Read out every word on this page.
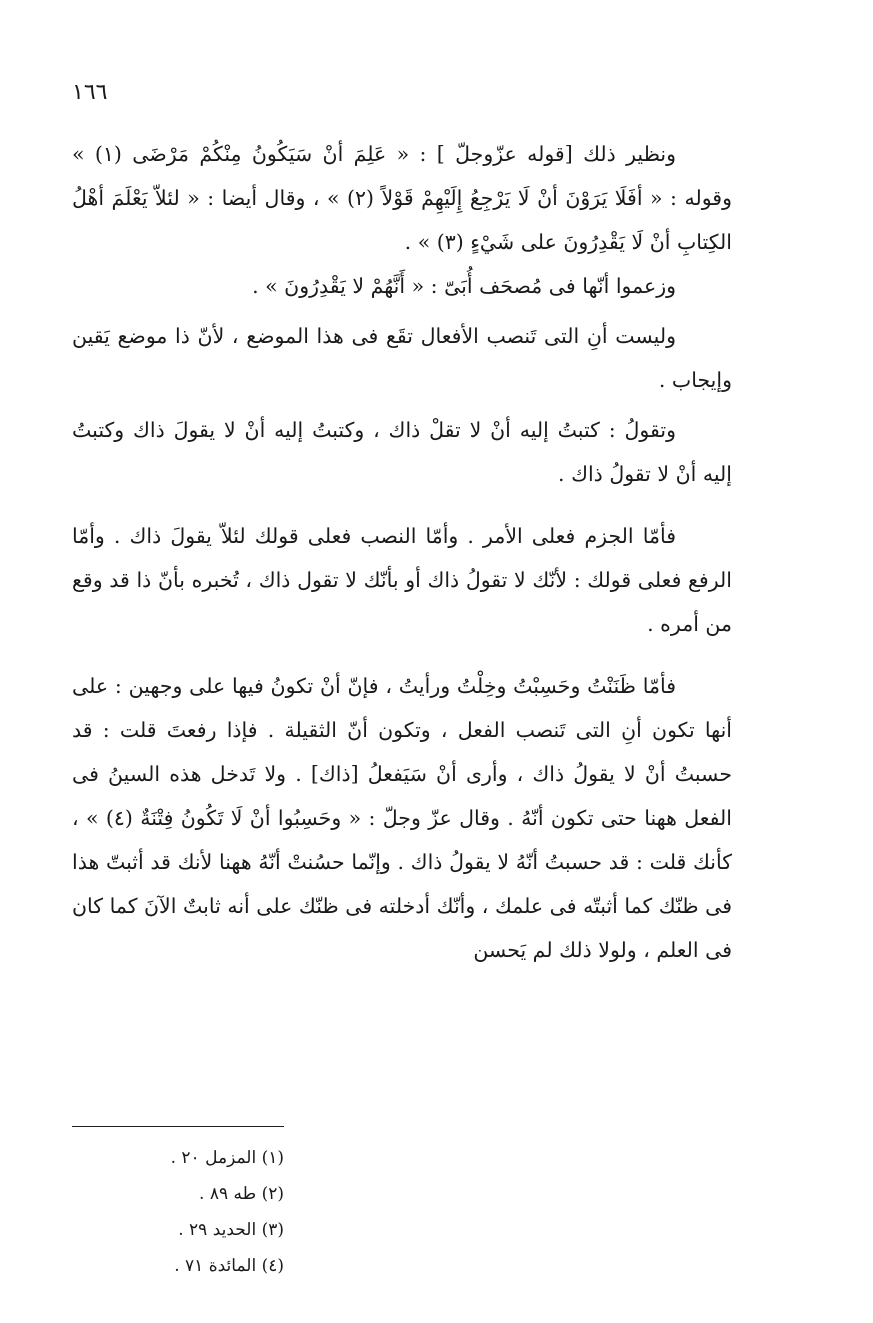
١٦٦

ونظير ذلك [قوله عزّوجلّ ] : « عَلِمَ أنْ سَيَكُونُ مِنْكُمْ مَرْضَى (١) » وقوله : « أفَلَا يَرَوْنَ أنْ لَا يَرْجِعُ إِلَيْهِمْ قَوْلاً (٢) » ، وقال أيضا : « لئلاّ يَعْلَمَ أهْلُ الكِتابِ أنْ لَا يَقْدِرُونَ على شَيْءٍ (٣) » .

وزعموا أنّها فى مُصحَف أُبَىّ : « أَنَّهُمْ لا يَقْدِرُونَ » .

وليست أنِ التى تَنصب الأفعال تقَع فى هذا الموضع ، لأنّ ذا موضع يَقين وإيجاب .

وتقولُ : كتبتُ إليه أنْ لا تقلْ ذاك ، وكتبتُ إليه أنْ لا يقولَ ذاك وكتبتُ إليه أنْ لا تقولُ ذاك .

فأمّا الجزم فعلى الأمر . وأمّا النصب فعلى قولك لئلاّ يقولَ ذاك . وأمّا الرفع فعلى قولك : لأنّك لا تقولُ ذاك أو بأنّك لا تقول ذاك ، تُخبره بأنّ ذا قد وقع من أمره .

فأمّا ظَنَنْتُ وحَسِبْتُ وخِلْتُ ورأيتُ ، فإنّ أنْ تكونُ فيها على وجهين : على أنها تكون أنِ التى تَنصب الفعل ، وتكون أنّ الثقيلة . فإذا رفعتَ قلت : قد حسبتُ أنْ لا يقولُ ذاك ، وأرى أنْ سَيَفعلُ [ذاك] . ولا تَدخل هذه السينُ فى الفعل ههنا حتى تكون أنّهُ . وقال عزّ وجلّ : « وحَسِبُوا أنْ لَا تَكُونُ فِتْنَةٌ (٤) » ، كأنك قلت : قد حسبتُ أنّهُ لا يقولُ ذاك . وإنّما حسُنتْ أنّهُ ههنا لأنك قد أثبتّ هذا فى ظنّك كما أثبتّه فى علمك ، وأنّك أدخلته فى ظنّك على أنه ثابتٌ الآنَ كما كان فى العلم ، ولولا ذلك لم يَحسن

(١) المزمل ٢٠ .
(٢) طه ٨٩ .
(٣) الحديد ٢٩ .
(٤) المائدة ٧١ .
